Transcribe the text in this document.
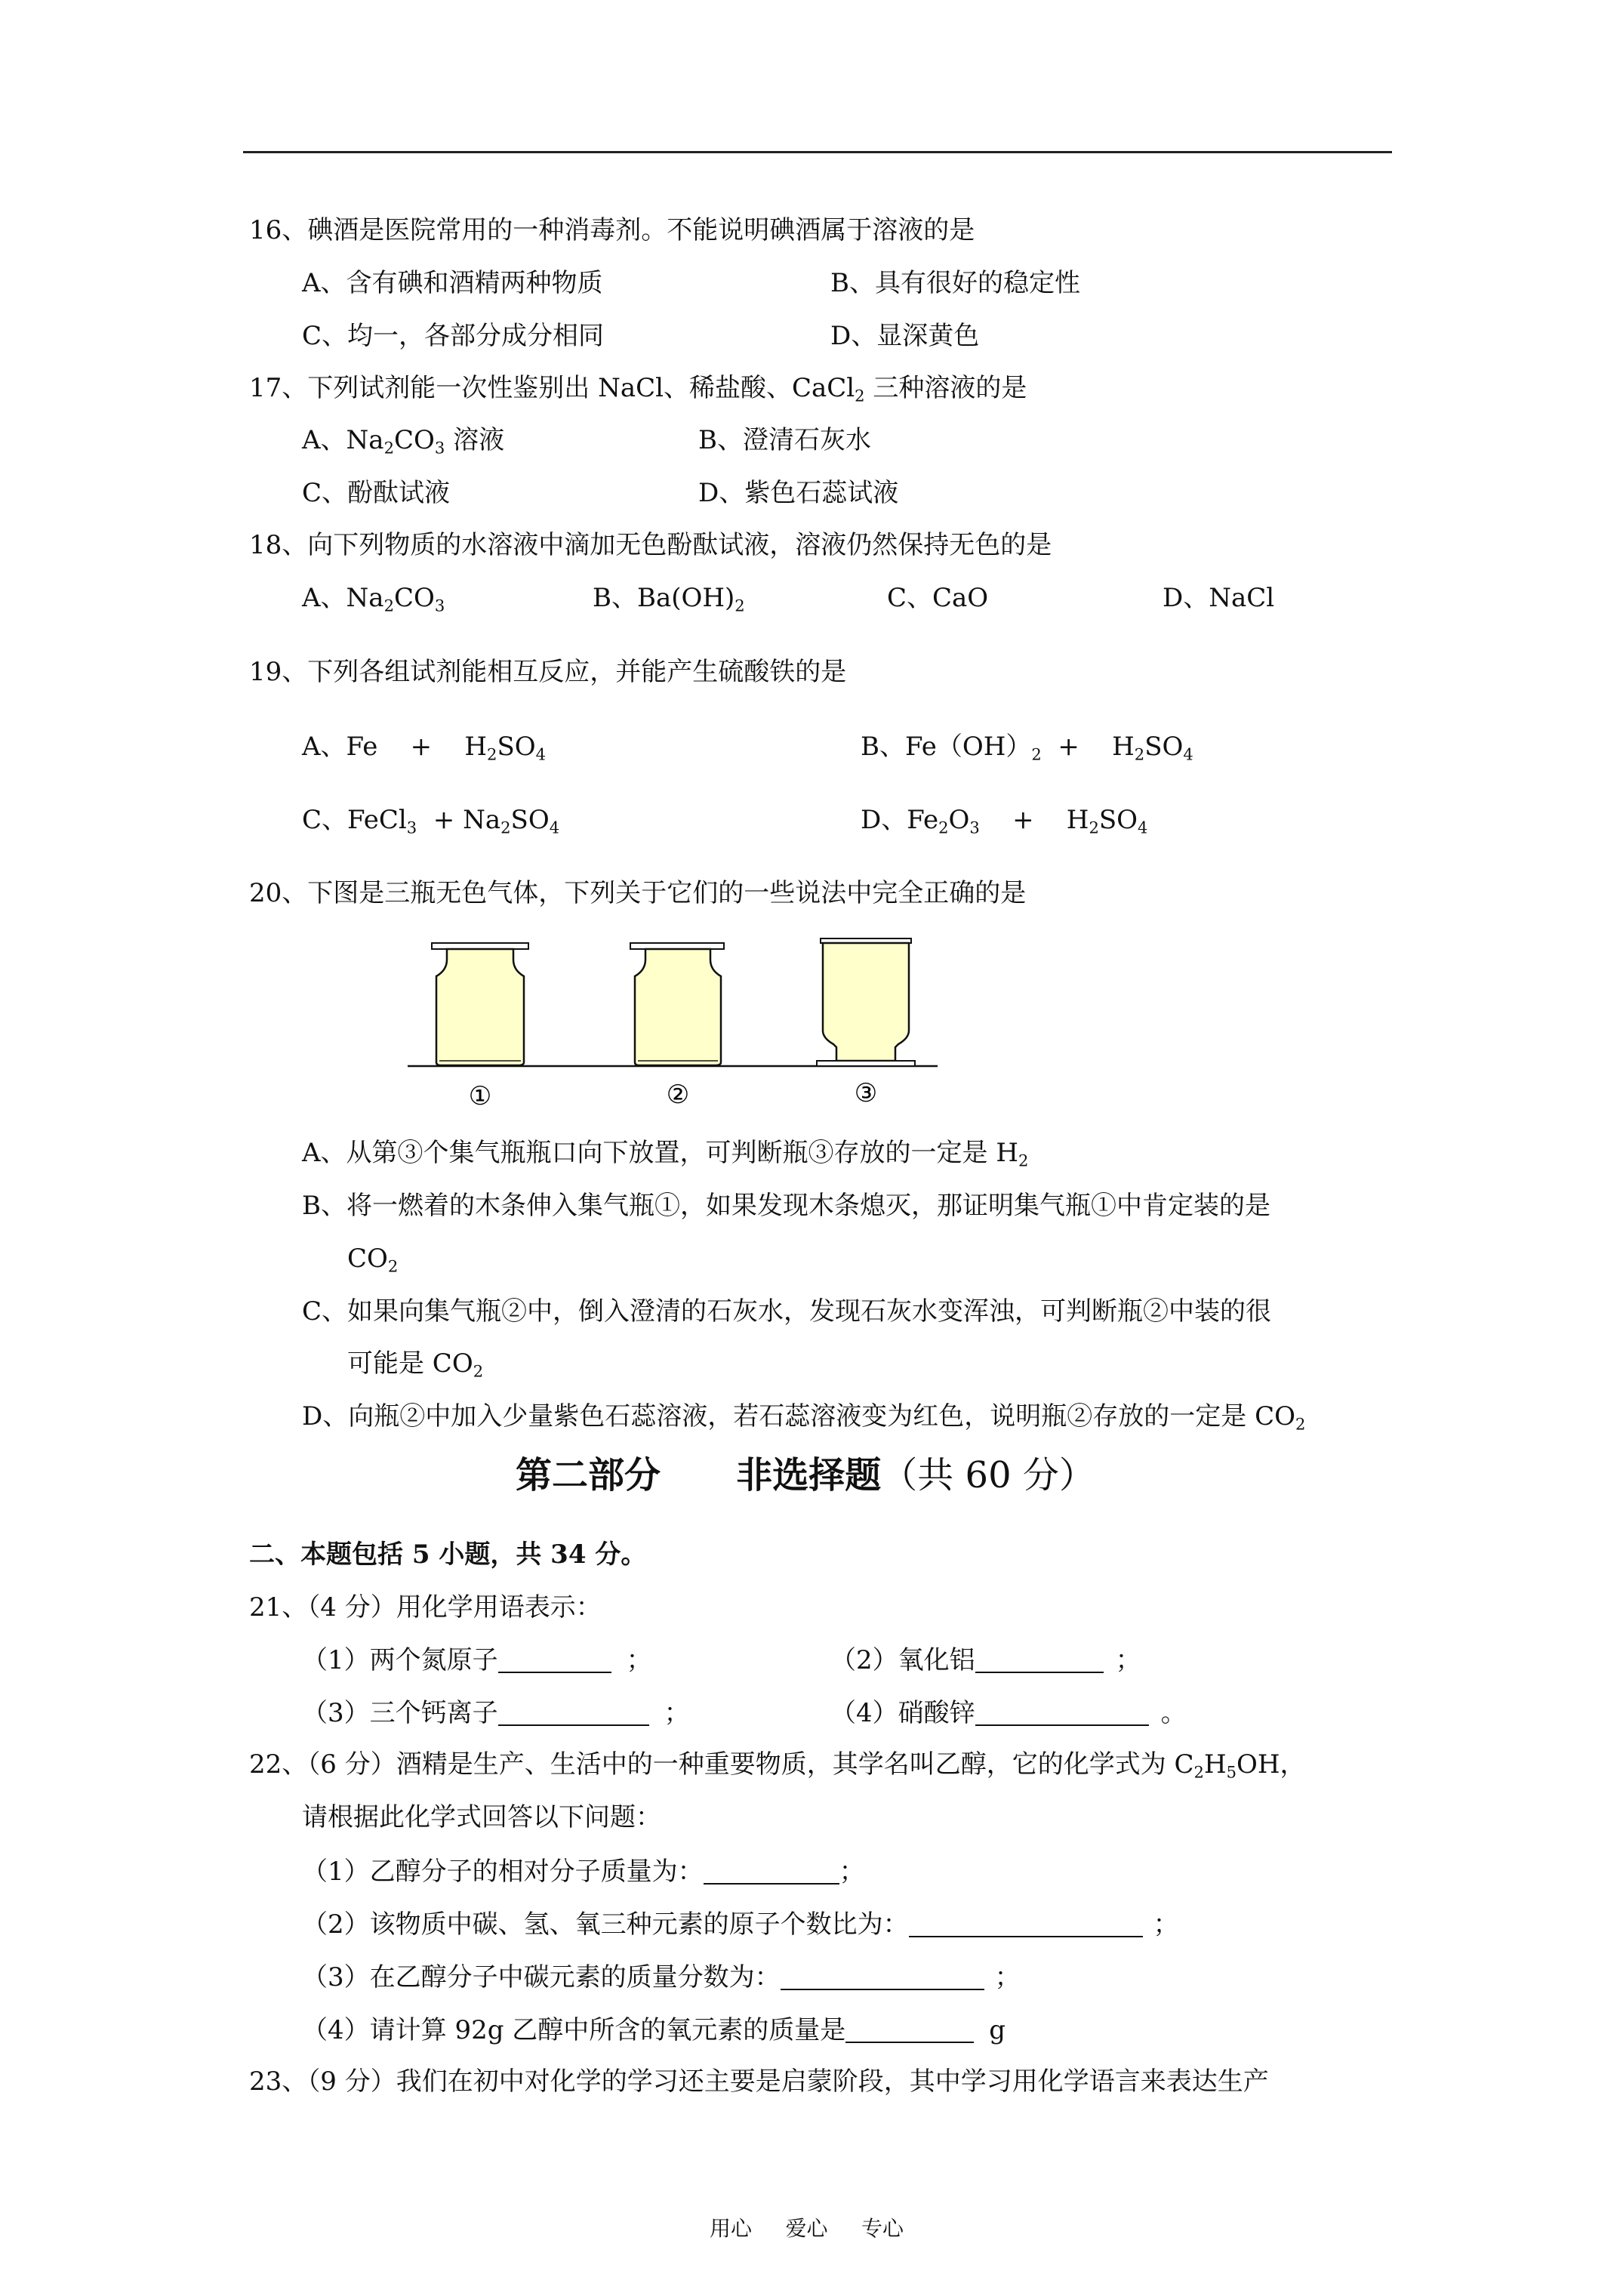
16、碘酒是医院常用的一种消毒剂。不能说明碘酒属于溶液的是
A、含有碘和酒精两种物质	B、具有很好的稳定性
C、均一，各部分成分相同	D、显深黄色
17、下列试剂能一次性鉴别出 NaCl、稀盐酸、CaCl$_2$ 三种溶液的是
A、$Na_2CO_3$ 溶液	B、澄清石灰水
C、酚酞试液	D、紫色石蕊试液
18、向下列物质的水溶液中滴加无色酚酞试液，溶液仍然保持无色的是
A、$Na_2CO_3$	B、$Ba(OH)_2$	C、CaO	D、NaCl
19、下列各组试剂能相互反应，并能产生硫酸铁的是
A、Fe    +    $H_2SO_4$	B、$Fe(OH)_2$  +    $H_2SO_4$
C、FeCl$_3$  + $Na_2SO_4$	D、$Fe_2O_3$    +    $H_2SO_4$
20、下图是三瓶无色气体，下列关于它们的一些说法中完全正确的是
①	②	③
A、从第③个集气瓶瓶口向下放置，可判断瓶③存放的一定是 $H_2$
B、将一燃着的木条伸入集气瓶①，如果发现木条熄灭，那证明集气瓶①中肯定装的是
$CO_2$
C、如果向集气瓶②中，倒入澄清的石灰水，发现石灰水变浑浊，可判断瓶②中装的很
可能是 $CO_2$
D、向瓶②中加入少量紫色石蕊溶液，若石蕊溶液变为红色，说明瓶②存放的一定是 $CO_2$
第二部分      非选择题（共 60 分）
二、本题包括 5 小题，共 34 分。
21、（4 分）用化学用语表示：
（1）两个氮原子	；	（2）氧化铝	；
（3）三个钙离子	；	（4）硝酸锌	。
22、（6 分）酒精是生产、生活中的一种重要物质，其学名叫乙醇，它的化学式为 $C_2H_5OH$，
请根据此化学式回答以下问题：
（1）乙醇分子的相对分子质量为：	；
（2）该物质中碳、氢、氧三种元素的原子个数比为：	；
（3）在乙醇分子中碳元素的质量分数为：	；
（4）请计算 92g 乙醇中所含的氧元素的质量是	g
23、（9 分）我们在初中对化学的学习还主要是启蒙阶段，其中学习用化学语言来表达生产
用心     爱心     专心
